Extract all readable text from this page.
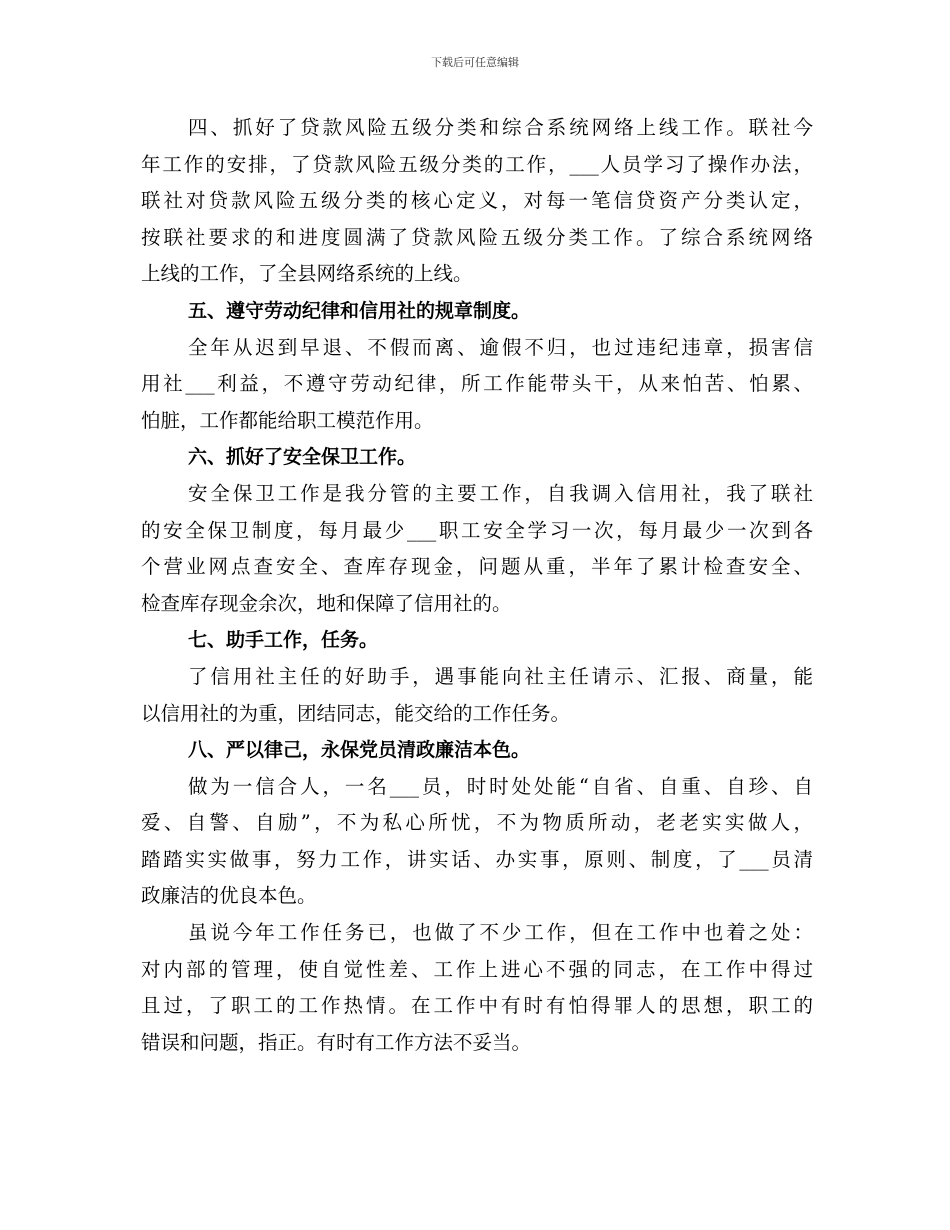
下载后可任意编辑
四、抓好了贷款风险五级分类和综合系统网络上线工作。联社今
年工作的安排，了贷款风险五级分类的工作，___人员学习了操作办法，
联社对贷款风险五级分类的核心定义，对每一笔信贷资产分类认定，
按联社要求的和进度圆满了贷款风险五级分类工作。了综合系统网络
上线的工作，了全县网络系统的上线。
五、遵守劳动纪律和信用社的规章制度。
全年从迟到早退、不假而离、逾假不归，也过违纪违章，损害信
用社___利益，不遵守劳动纪律，所工作能带头干，从来怕苦、怕累、
怕脏，工作都能给职工模范作用。
六、抓好了安全保卫工作。
安全保卫工作是我分管的主要工作，自我调入信用社，我了联社
的安全保卫制度，每月最少___职工安全学习一次，每月最少一次到各
个营业网点查安全、查库存现金，问题从重，半年了累计检查安全、
检查库存现金余次，地和保障了信用社的。
七、助手工作，任务。
了信用社主任的好助手，遇事能向社主任请示、汇报、商量，能
以信用社的为重，团结同志，能交给的工作任务。
八、严以律己，永保党员清政廉洁本色。
做为一信合人，一名___员，时时处处能“自省、自重、自珍、自
爱、自警、自励”，不为私心所忧，不为物质所动，老老实实做人，
踏踏实实做事，努力工作，讲实话、办实事，原则、制度，了___员清
政廉洁的优良本色。
虽说今年工作任务已，也做了不少工作，但在工作中也着之处：
对内部的管理，使自觉性差、工作上进心不强的同志，在工作中得过
且过，了职工的工作热情。在工作中有时有怕得罪人的思想，职工的
错误和问题，指正。有时有工作方法不妥当。
